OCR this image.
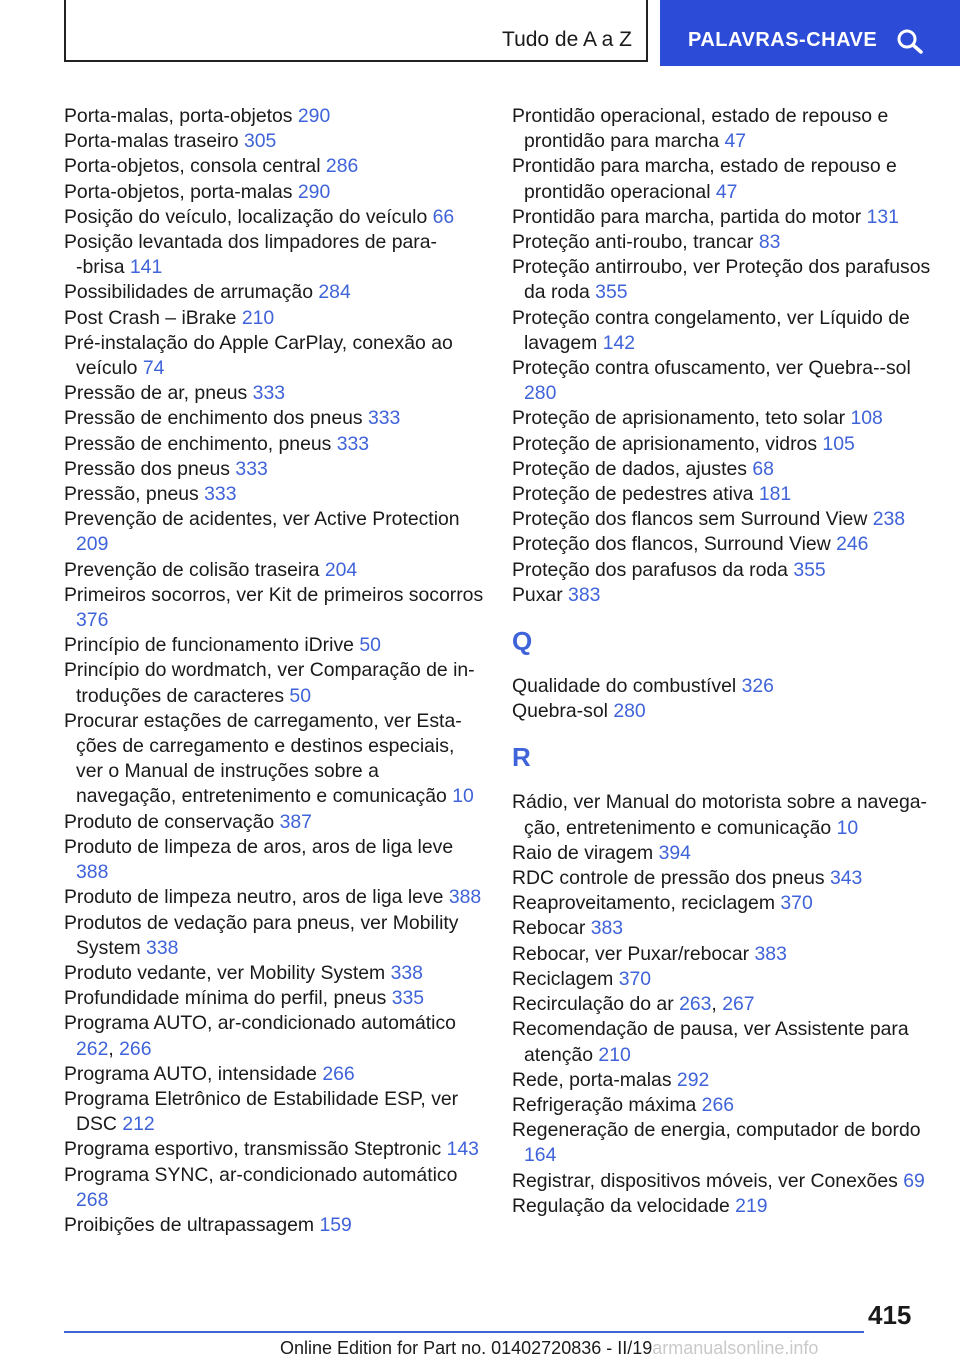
Tudo de A a Z	PALAVRAS-CHAVE

Porta-malas, porta-objetos 290

Porta-malas traseiro 305

Porta-objetos, consola central 286

Porta-objetos, porta-malas 290

Posição do veículo, localização do veículo 66

Posição levantada dos limpadores de para-‑brisa 141

Possibilidades de arrumação 284

Post Crash – iBrake 210

Pré-instalação do Apple CarPlay, conexão ao veículo 74

Pressão de ar, pneus 333

Pressão de enchimento dos pneus 333

Pressão de enchimento, pneus 333

Pressão dos pneus 333

Pressão, pneus 333

Prevenção de acidentes, ver Active Protection 209

Prevenção de colisão traseira 204

Primeiros socorros, ver Kit de primeiros socorros 376

Princípio de funcionamento iDrive 50

Princípio do wordmatch, ver Comparação de introduções de caracteres 50

Procurar estações de carregamento, ver Estações de carregamento e destinos especiais, ver o Manual de instruções sobre a navegação, entretenimento e comunicação 10

Produto de conservação 387

Produto de limpeza de aros, aros de liga leve 388

Produto de limpeza neutro, aros de liga leve 388

Produtos de vedação para pneus, ver Mobility System 338

Produto vedante, ver Mobility System 338

Profundidade mínima do perfil, pneus 335

Programa AUTO, ar-condicionado automático 262, 266

Programa AUTO, intensidade 266

Programa Eletrônico de Estabilidade ESP, ver DSC 212

Programa esportivo, transmissão Steptronic 143

Programa SYNC, ar-condicionado automático 268

Proibições de ultrapassagem 159

Prontidão operacional, estado de repouso e prontidão para marcha 47

Prontidão para marcha, estado de repouso e prontidão operacional 47

Prontidão para marcha, partida do motor 131

Proteção anti-roubo, trancar 83

Proteção antirroubo, ver Proteção dos parafusos da roda 355

Proteção contra congelamento, ver Líquido de lavagem 142

Proteção contra ofuscamento, ver Quebra-‑sol 280

Proteção de aprisionamento, teto solar 108

Proteção de aprisionamento, vidros 105

Proteção de dados, ajustes 68

Proteção de pedestres ativa 181

Proteção dos flancos sem Surround View 238

Proteção dos flancos, Surround View 246

Proteção dos parafusos da roda 355

Puxar 383

Q

Qualidade do combustível 326

Quebra-sol 280

R

Rádio, ver Manual do motorista sobre a navegação, entretenimento e comunicação 10

Raio de viragem 394

RDC controle de pressão dos pneus 343

Reaproveitamento, reciclagem 370

Rebocar 383

Rebocar, ver Puxar/rebocar 383

Reciclagem 370

Recirculação do ar 263, 267

Recomendação de pausa, ver Assistente para atenção 210

Rede, porta-malas 292

Refrigeração máxima 266

Regeneração de energia, computador de bordo 164

Registrar, dispositivos móveis, ver Conexões 69

Regulação da velocidade 219

415
Online Edition for Part no. 01402720836 - II/19armanualsonline.info
